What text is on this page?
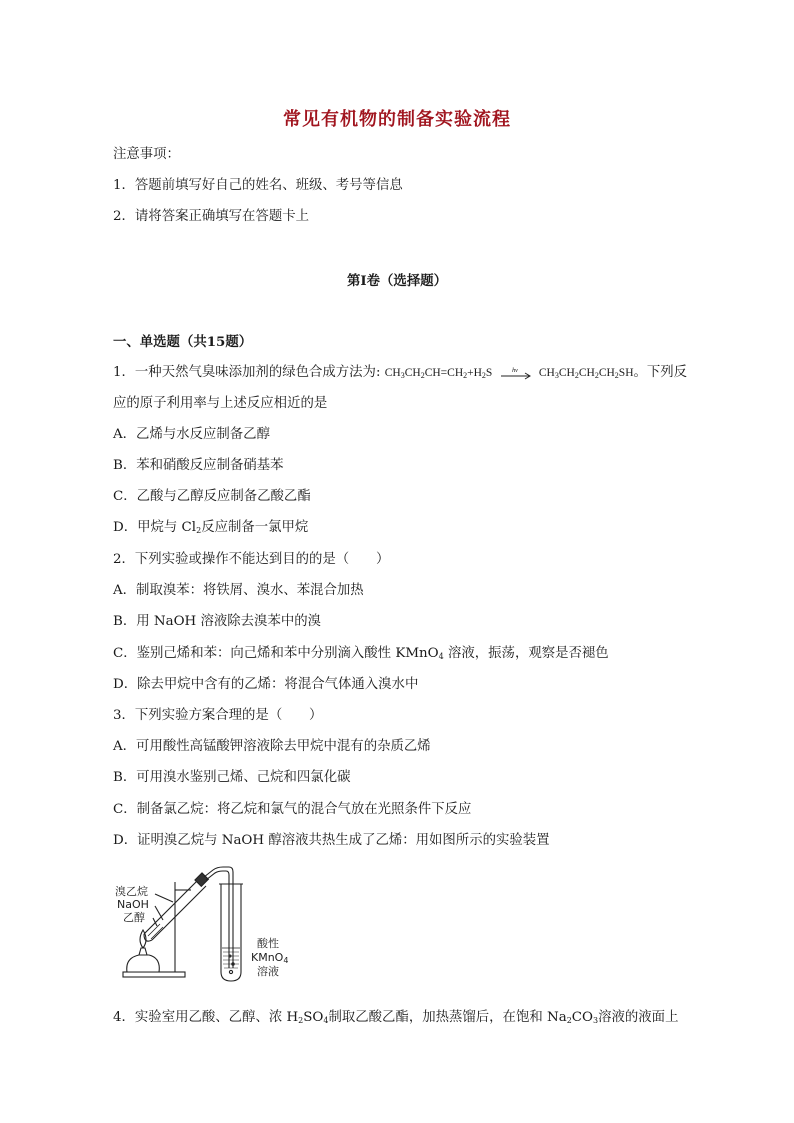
常见有机物的制备实验流程
注意事项：
1．答题前填写好自己的姓名、班级、考号等信息
2．请将答案正确填写在答题卡上
第I卷（选择题）
一、单选题（共15题）
1．一种天然气臭味添加剂的绿色合成方法为: $CH_3CH_2CH=CH_2+H_2S$	hν $CH_3CH_2CH_2CH_2SH$。下列反
应的原子利用率与上述反应相近的是
A．乙烯与水反应制备乙醇
B．苯和硝酸反应制备硝基苯
C．乙酸与乙醇反应制备乙酸乙酯
D．甲烷与 $Cl_2$反应制备一氯甲烷
2．下列实验或操作不能达到目的的是（　　）
A．制取溴苯：将铁屑、溴水、苯混合加热
B．用 NaOH 溶液除去溴苯中的溴
C．鉴别己烯和苯：向己烯和苯中分别滴入酸性 KMnO$_4$ 溶液，振荡，观察是否褪色
D．除去甲烷中含有的乙烯：将混合气体通入溴水中
3．下列实验方案合理的是（　　）
A．可用酸性高锰酸钾溶液除去甲烷中混有的杂质乙烯
B．可用溴水鉴别己烯、己烷和四氯化碳
C．制备氯乙烷：将乙烷和氯气的混合气放在光照条件下反应
D．证明溴乙烷与 NaOH 醇溶液共热生成了乙烯：用如图所示的实验装置
溴乙烷
NaOH
乙醇
酸性
KMnO$_4$
溶液
4．实验室用乙酸、乙醇、浓 $H_2SO_4$制取乙酸乙酯，加热蒸馏后，在饱和 $Na_2CO_3$溶液的液面上
